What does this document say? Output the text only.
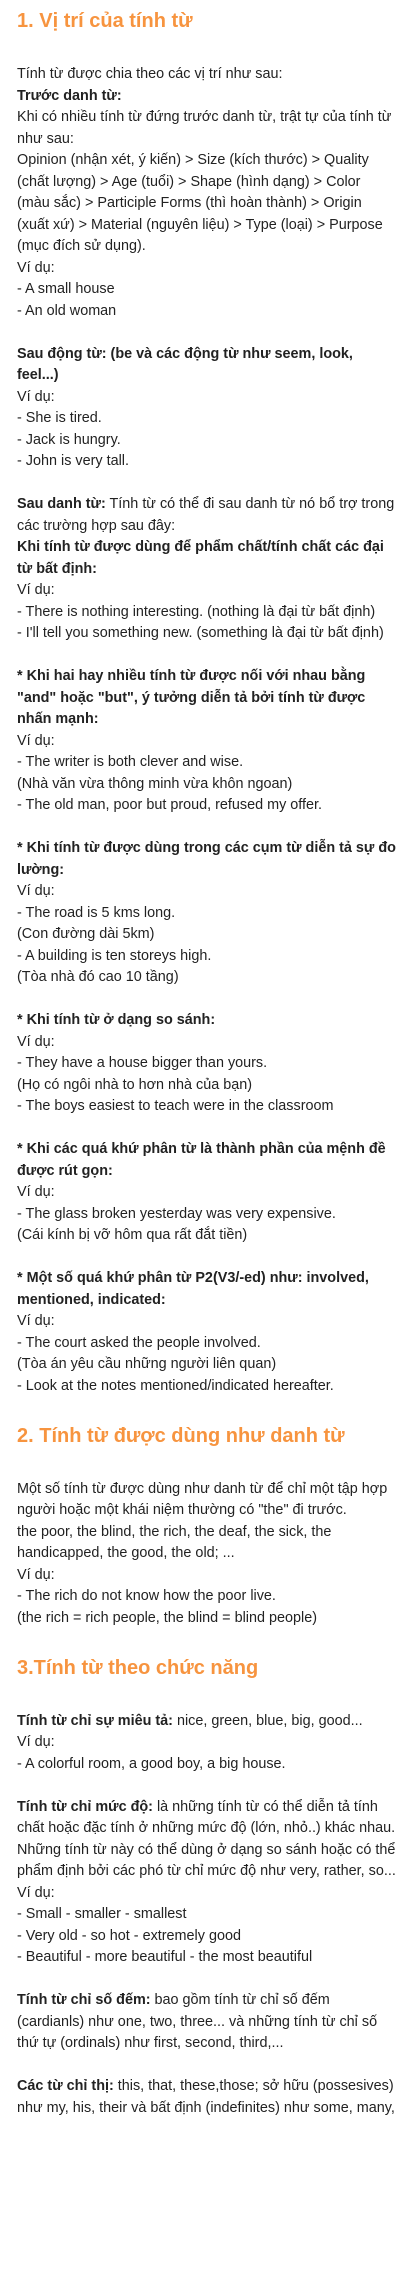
1. Vị trí của tính từ
Tính từ được chia theo các vị trí như sau:
Trước danh từ:
Khi có nhiều tính từ đứng trước danh từ, trật tự của tính từ như sau:
Opinion (nhận xét, ý kiến) > Size (kích thước) > Quality (chất lượng) > Age (tuổi) > Shape (hình dạng) > Color (màu sắc) > Participle Forms (thì hoàn thành) > Origin (xuất xứ) > Material (nguyên liệu) > Type (loại) > Purpose (mục đích sử dụng).
Ví dụ:
- A small house
- An old woman
Sau động từ: (be và các động từ như seem, look, feel...)
Ví dụ:
- She is tired.
- Jack is hungry.
- John is very tall.
Sau danh từ: Tính từ có thể đi sau danh từ nó bổ trợ trong các trường hợp sau đây:
Khi tính từ được dùng để phẩm chất/tính chất các đại từ bất định:
Ví dụ:
- There is nothing interesting. (nothing là đại từ bất định)
- I'll tell you something new. (something là đại từ bất định)
* Khi hai hay nhiều tính từ được nối với nhau bằng "and" hoặc "but", ý tưởng diễn tả bởi tính từ được nhấn mạnh:
Ví dụ:
- The writer is both clever and wise.
(Nhà văn vừa thông minh vừa khôn ngoan)
- The old man, poor but proud, refused my offer.
* Khi tính từ được dùng trong các cụm từ diễn tả sự đo lường:
Ví dụ:
- The road is 5 kms long.
(Con đường dài 5km)
- A building is ten storeys high.
(Tòa nhà đó cao 10 tầng)
* Khi tính từ ở dạng so sánh:
Ví dụ:
- They have a house bigger than yours.
(Họ có ngôi nhà to hơn nhà của bạn)
- The boys easiest to teach were in the classroom
* Khi các quá khứ phân từ là thành phần của mệnh đề được rút gọn:
Ví dụ:
- The glass broken yesterday was very expensive.
(Cái kính bị vỡ hôm qua rất đắt tiền)
* Một số quá khứ phân từ P2(V3/-ed) như: involved, mentioned, indicated:
Ví dụ:
- The court asked the people involved.
(Tòa án yêu cầu những người liên quan)
- Look at the notes mentioned/indicated hereafter.
2. Tính từ được dùng như danh từ
Một số tính từ được dùng như danh từ để chỉ một tập hợp người hoặc một khái niệm thường có "the" đi trước.
the poor, the blind, the rich, the deaf, the sick, the handicapped, the good, the old; ...
Ví dụ:
- The rich do not know how the poor live.
(the rich = rich people, the blind = blind people)
3.Tính từ theo chức năng
Tính từ chỉ sự miêu tả: nice, green, blue, big, good...
Ví dụ:
- A colorful room, a good boy, a big house.
Tính từ chỉ mức độ: là những tính từ có thể diễn tả tính chất hoặc đặc tính ở những mức độ (lớn, nhỏ..) khác nhau. Những tính từ này có thể dùng ở dạng so sánh hoặc có thể phẩm định bởi các phó từ chỉ mức độ như very, rather, so...
Ví dụ:
- Small - smaller - smallest
- Very old - so hot - extremely good
- Beautiful - more beautiful - the most beautiful
Tính từ chỉ số đếm: bao gồm tính từ chỉ số đếm (cardianls) như one, two, three... và những tính từ chỉ số thứ tự (ordinals) như first, second, third,...
Các từ chỉ thị: this, that, these,those; sở hữu (possesives) như my, his, their và bất định (indefinites) như some, many,
